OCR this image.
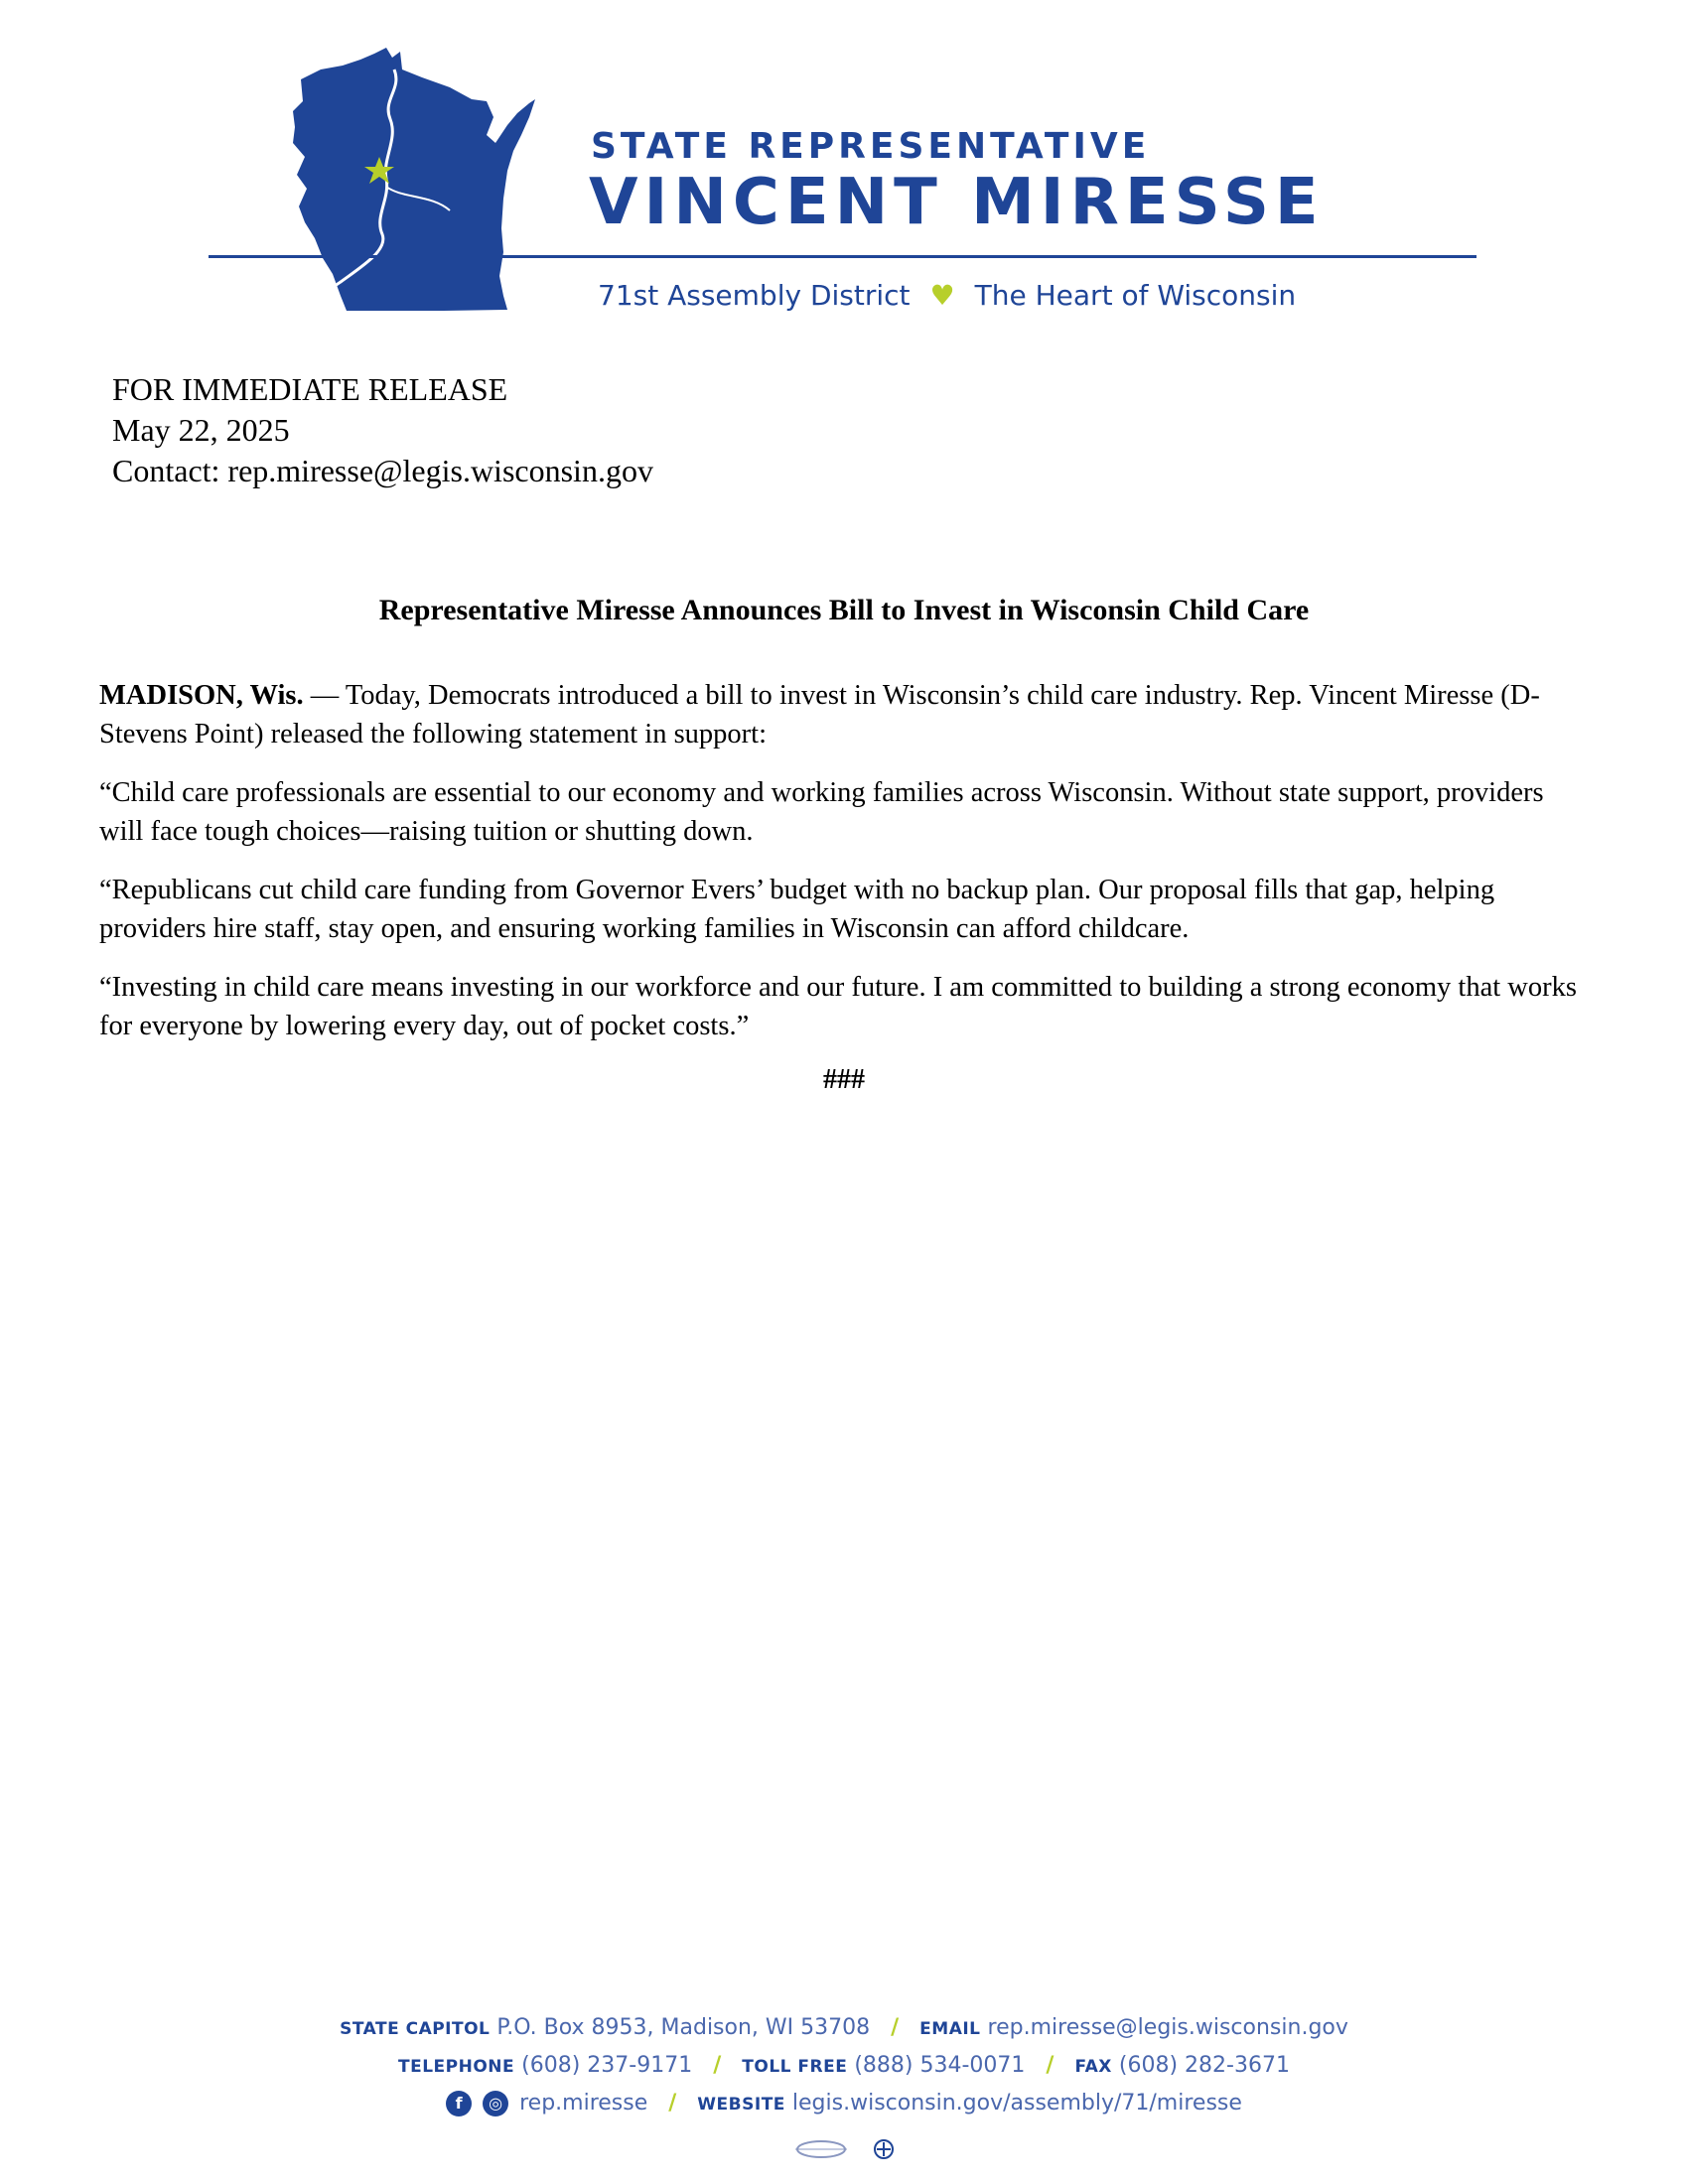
STATE REPRESENTATIVE
VINCENT MIRESSE
71st Assembly District ♥ The Heart of Wisconsin
FOR IMMEDIATE RELEASE
May 22, 2025
Contact: rep.miresse@legis.wisconsin.gov
Representative Miresse Announces Bill to Invest in Wisconsin Child Care

MADISON, Wis. — Today, Democrats introduced a bill to invest in Wisconsin’s child care industry. Rep. Vincent Miresse (D-Stevens Point) released the following statement in support:

“Child care professionals are essential to our economy and working families across Wisconsin. Without state support, providers will face tough choices—raising tuition or shutting down.

“Republicans cut child care funding from Governor Evers’ budget with no backup plan. Our proposal fills that gap, helping providers hire staff, stay open, and ensuring working families in Wisconsin can afford childcare.

“Investing in child care means investing in our workforce and our future. I am committed to building a strong economy that works for everyone by lowering every day, out of pocket costs.”

###
STATE CAPITOL P.O. Box 8953, Madison, WI 53708 / EMAIL rep.miresse@legis.wisconsin.gov
TELEPHONE (608) 237-9171 / TOLL FREE (888) 534-0071 / FAX (608) 282-3671
f ◎ rep.miresse / WEBSITE legis.wisconsin.gov/assembly/71/miresse
